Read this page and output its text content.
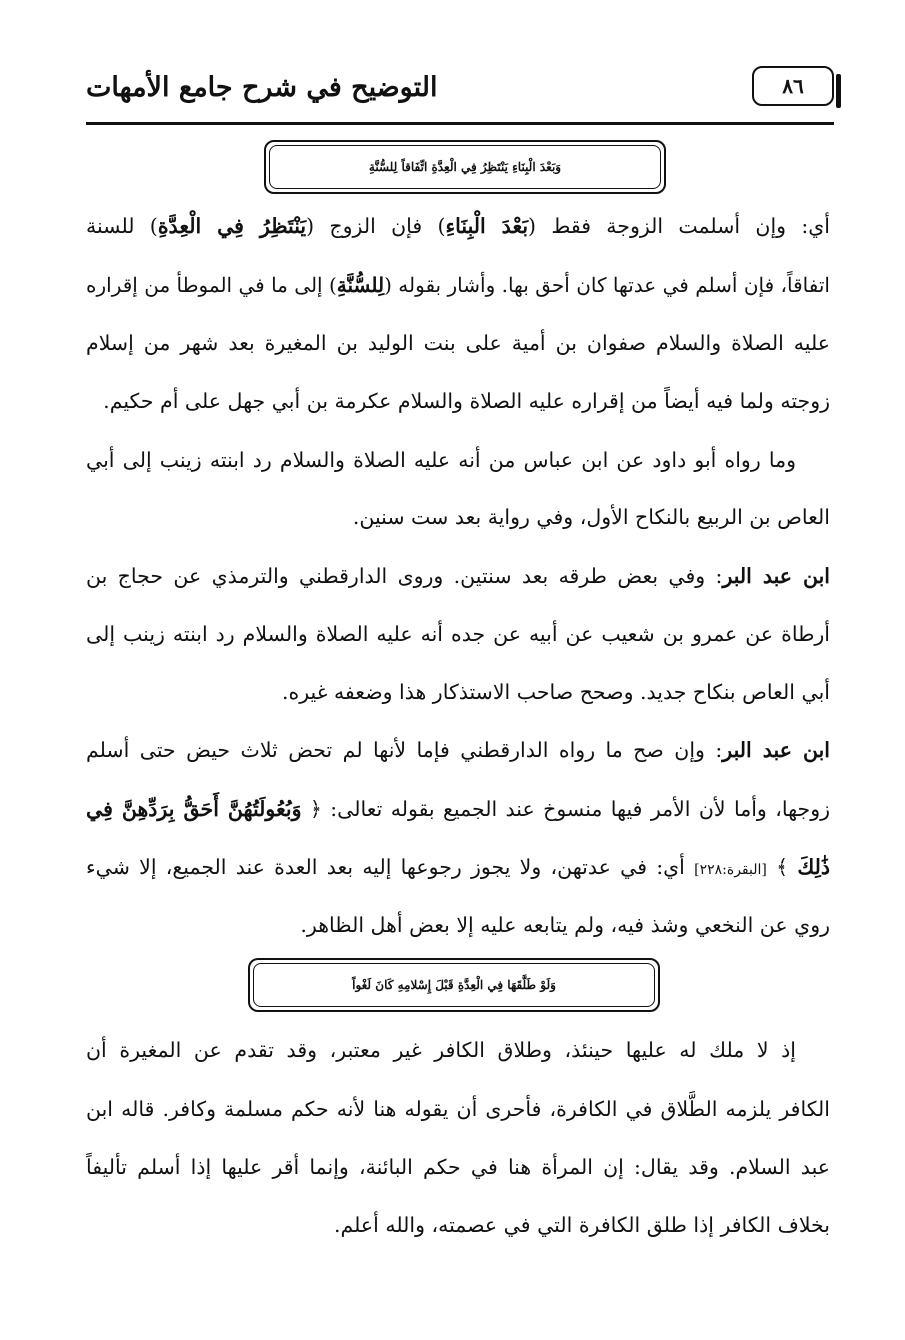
التوضيح في شرح جامع الأمهات	٨٦
وَبَعْدَ الْبِنَاءِ يَنْتَظِرُ فِي الْعِدَّةِ اتِّفَاقاً لِلسُّنَّةِ
أي: وإن أسلمت الزوجة فقط (بَعْدَ الْبِنَاءِ) فإن الزوج (يَنْتَظِرُ فِي الْعِدَّةِ) للسنة
اتفاقاً، فإن أسلم في عدتها كان أحق بها. وأشار بقوله (لِلسُّنَّةِ) إلى ما في الموطأ من إقراره
عليه الصلاة والسلام صفوان بن أمية على بنت الوليد بن المغيرة بعد شهر من إسلام
زوجته ولما فيه أيضاً من إقراره عليه الصلاة والسلام عكرمة بن أبي جهل على أم حكيم.
وما رواه أبو داود عن ابن عباس من أنه عليه الصلاة والسلام رد ابنته زينب إلى أبي
العاص بن الربيع بالنكاح الأول، وفي رواية بعد ست سنين.
ابن عبد البر: وفي بعض طرقه بعد سنتين. وروى الدارقطني والترمذي عن حجاج بن
أرطاة عن عمرو بن شعيب عن أبيه عن جده أنه عليه الصلاة والسلام رد ابنته زينب إلى
أبي العاص بنكاح جديد. وصحح صاحب الاستذكار هذا وضعفه غيره.
ابن عبد البر: وإن صح ما رواه الدارقطني فإما لأنها لم تحض ثلاث حيض حتى أسلم
زوجها، وأما لأن الأمر فيها منسوخ عند الجميع بقوله تعالى: ﴿ وَبُعُولَتُهُنَّ أَحَقُّ بِرَدِّهِنَّ فِي
ذَٰلِكَ ﴾ [البقرة:٢٢٨] أي: في عدتهن، ولا يجوز رجوعها إليه بعد العدة عند الجميع، إلا شيء
روي عن النخعي وشذ فيه، ولم يتابعه عليه إلا بعض أهل الظاهر.
وَلَوْ طَلَّقَهَا فِي الْعِدَّةِ قَبْلَ إِسْلامِهِ كَانَ لَغْواً
إذ لا ملك له عليها حينئذ، وطلاق الكافر غير معتبر، وقد تقدم عن المغيرة أن
الكافر يلزمه الطَّلاق في الكافرة، فأحرى أن يقوله هنا لأنه حكم مسلمة وكافر. قاله ابن
عبد السلام. وقد يقال: إن المرأة هنا في حكم البائنة، وإنما أقر عليها إذا أسلم تأليفاً
بخلاف الكافر إذا طلق الكافرة التي في عصمته، والله أعلم.
